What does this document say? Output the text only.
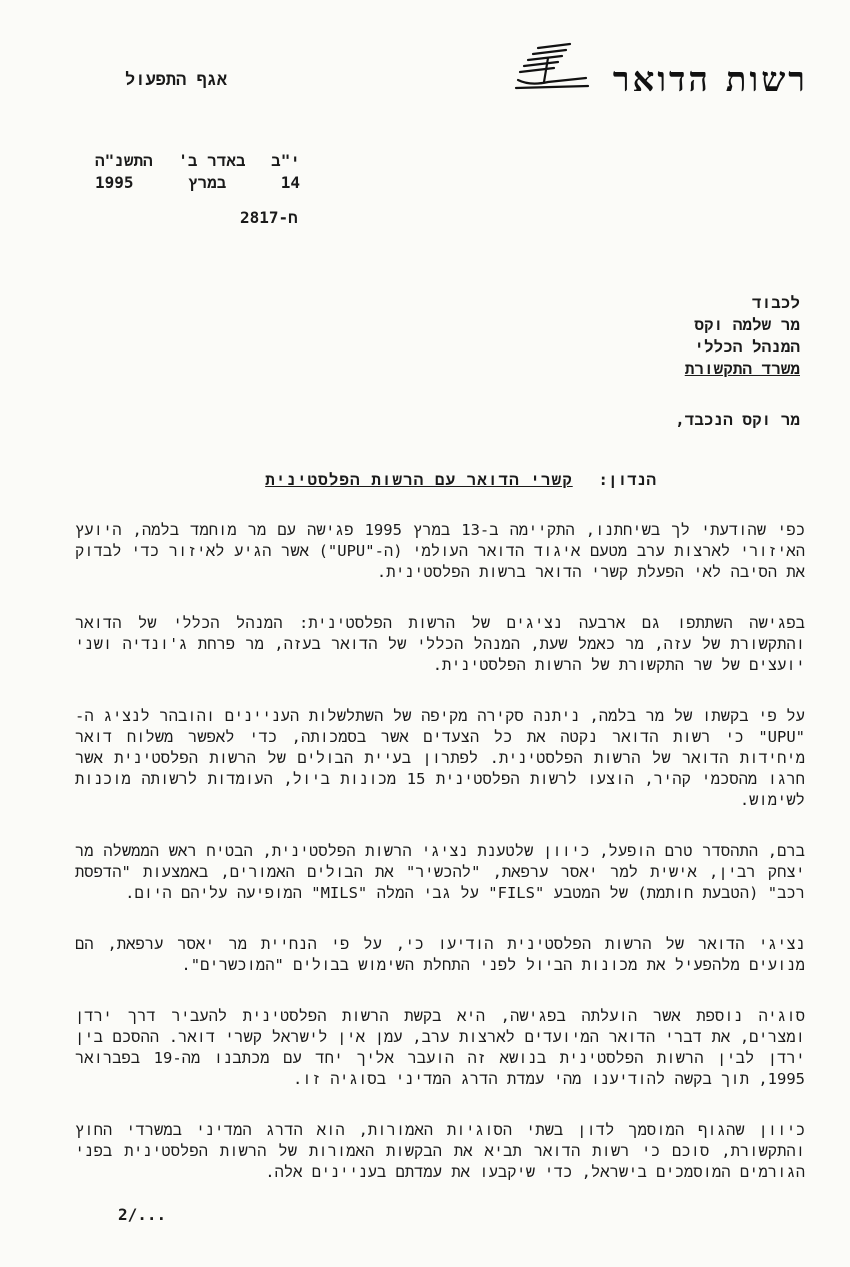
רשות הדואר
אגף התפעול
י"ב
באדר ב'
התשנ"ה
14
במרץ
1995
ח-2817
לכבוד
מר שלמה וקס
המנהל הכללי
משרד התקשורת
מר וקס הנכבד,
הנדון: קשרי הדואר עם הרשות הפלסטינית

כפי שהודעתי לך בשיחתנו, התקיימה ב-13 במרץ 1995 פגישה עם מר מוחמד בלמה, היועץ האיזורי לארצות ערב מטעם איגוד הדואר העולמי (ה-"UPU") אשר הגיע לאיזור כדי לבדוק את הסיבה לאי הפעלת קשרי הדואר ברשות הפלסטינית.

בפגישה השתתפו גם ארבעה נציגים של הרשות הפלסטינית: המנהל הכללי של הדואר והתקשורת של עזה, מר כאמל שעת, המנהל הכללי של הדואר בעזה, מר פרחת ג'ונדיה ושני יועצים של שר התקשורת של הרשות הפלסטינית.

על פי בקשתו של מר בלמה, ניתנה סקירה מקיפה של השתלשלות העניינים והובהר לנציג ה-"UPU" כי רשות הדואר נקטה את כל הצעדים אשר בסמכותה, כדי לאפשר משלוח דואר מיחידות הדואר של הרשות הפלסטינית. לפתרון בעיית הבולים של הרשות הפלסטינית אשר חרגו מהסכמי קהיר, הוצעו לרשות הפלסטינית 15 מכונות ביול, העומדות לרשותה מוכנות לשימוש.

ברם, התהסדר טרם הופעל, כיוון שלטענת נציגי הרשות הפלסטינית, הבטיח ראש הממשלה מר יצחק רבין, אישית למר יאסר ערפאת, "להכשיר" את הבולים האמורים, באמצעות "הדפסת רכב" (הטבעת חותמת) של המטבע "FILS" על גבי המלה "MILS" המופיעה עליהם היום.

נציגי הדואר של הרשות הפלסטינית הודיעו כי, על פי הנחיית מר יאסר ערפאת, הם מנועים מלהפעיל את מכונות הביול לפני התחלת השימוש בבולים "המוכשרים".

סוגיה נוספת אשר הועלתה בפגישה, היא בקשת הרשות הפלסטינית להעביר דרך ירדן ומצרים, את דברי הדואר המיועדים לארצות ערב, עמן אין לישראל קשרי דואר. ההסכם בין ירדן לבין הרשות הפלסטינית בנושא זה הועבר אליך יחד עם מכתבנו מה-19 בפברואר 1995, תוך בקשה להודיענו מהי עמדת הדרג המדיני בסוגיה זו.

כיוון שהגוף המוסמך לדון בשתי הסוגיות האמורות, הוא הדרג המדיני במשרדי החוץ והתקשורת, סוכם כי רשות הדואר תביא את הבקשות האמורות של הרשות הפלסטינית בפני הגורמים המוסמכים בישראל, כדי שיקבעו את עמדתם בעניינים אלה.

2/...
